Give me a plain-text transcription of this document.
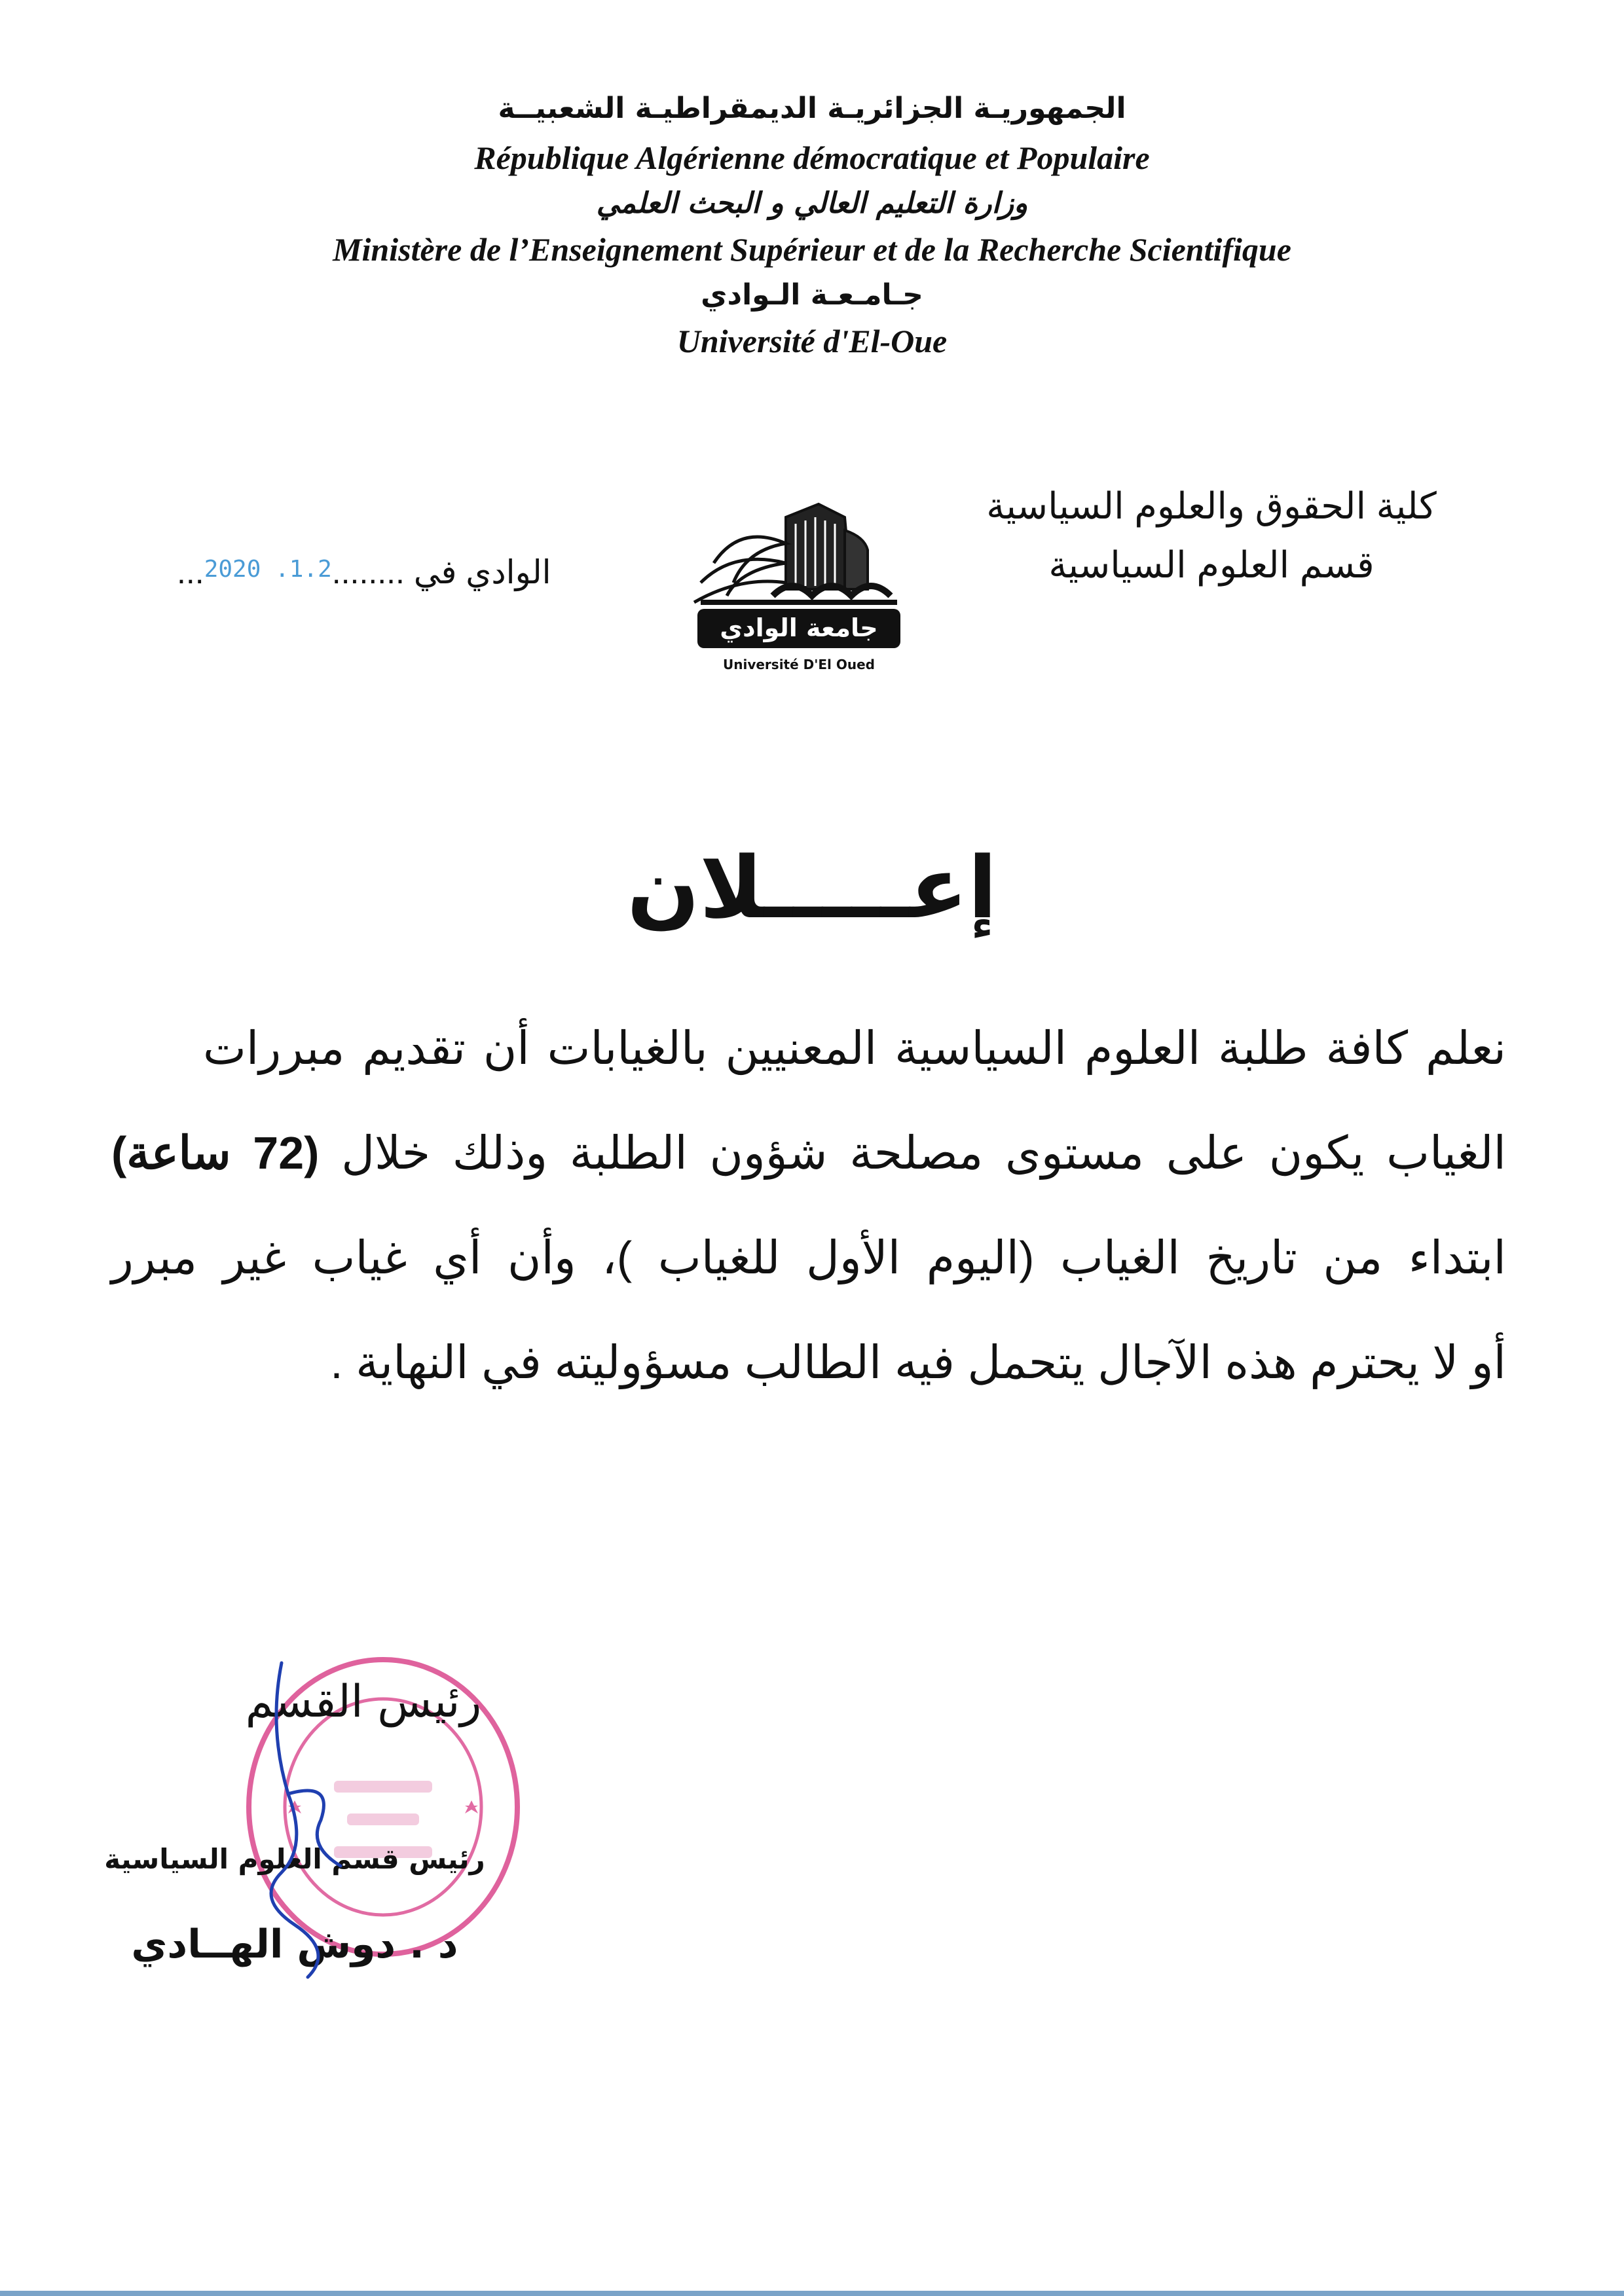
الجمهوريـة الجزائريـة الديمقراطيـة الشعبيــة
République Algérienne démocratique et Populaire
وزارة التعليم العالي و البحث العلمي
Ministère de l’Enseignement Supérieur et de la Recherche Scientifique
جـامـعـة الـوادي
Université d'El-Oue
كلية الحقوق والعلوم السياسية
قسم العلوم السياسية
...$^{2020 .1.2}$........ الوادي في
جامعة الوادي
Université D'El Oued
إعـــــلان
نعلم كافة طلبة العلوم السياسية المعنيين بالغيابات أن تقديم مبررات
الغياب يكون على مستوى مصلحة شؤون الطلبة وذلك خلال (72 ساعة)
ابتداء من تاريخ الغياب (اليوم الأول للغياب )، وأن أي غياب غير مبرر
أو لا يحترم هذه الآجال يتحمل فيه الطالب مسؤوليته في النهاية .
رئيس القسم
رئيس قسم العلوم السياسية
د . دوش الهــادي
